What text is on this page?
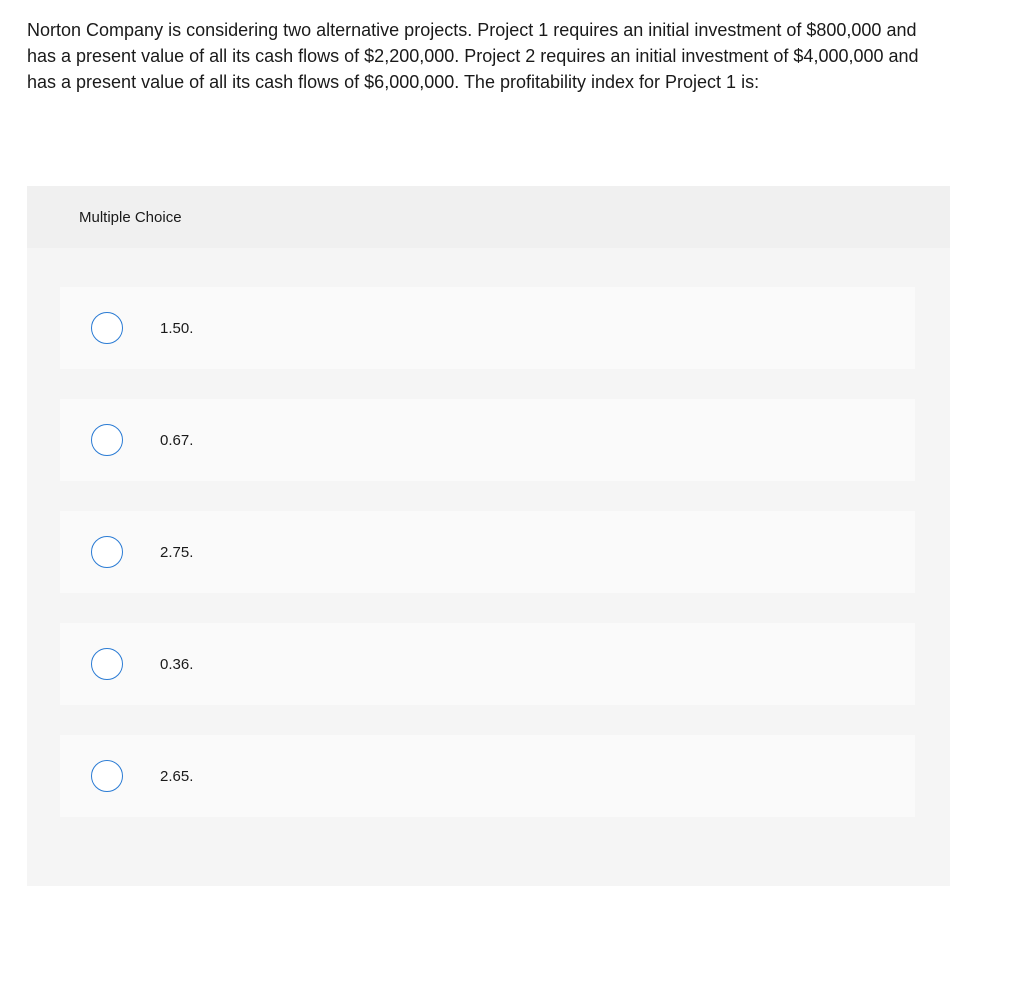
Norton Company is considering two alternative projects. Project 1 requires an initial investment of $800,000 and has a present value of all its cash flows of $2,200,000. Project 2 requires an initial investment of $4,000,000 and has a present value of all its cash flows of $6,000,000. The profitability index for Project 1 is:

Multiple Choice
1.50.
0.67.
2.75.
0.36.
2.65.
